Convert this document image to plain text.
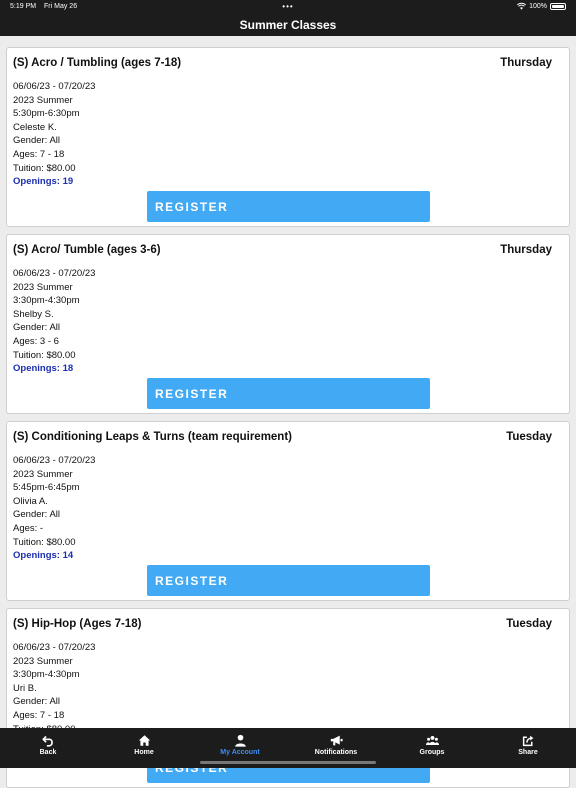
5:19 PM Fri May 26	•••	100%
Summer Classes
(S) Acro / Tumbling (ages 7-18)	Thursday
06/06/23 - 07/20/23
2023 Summer
5:30pm-6:30pm
Celeste K.
Gender: All
Ages: 7 - 18
Tuition: $80.00
Openings: 19
REGISTER
(S) Acro/ Tumble (ages 3-6)	Thursday
06/06/23 - 07/20/23
2023 Summer
3:30pm-4:30pm
Shelby S.
Gender: All
Ages: 3 - 6
Tuition: $80.00
Openings: 18
REGISTER
(S) Conditioning Leaps & Turns (team requirement)	Tuesday
06/06/23 - 07/20/23
2023 Summer
5:45pm-6:45pm
Olivia A.
Gender: All
Ages: -
Tuition: $80.00
Openings: 14
REGISTER
(S) Hip-Hop (Ages 7-18)	Tuesday
06/06/23 - 07/20/23
2023 Summer
3:30pm-4:30pm
Uri B.
Gender: All
Ages: 7 - 18
Back	Home	My Account	Notifications	Groups	Share
